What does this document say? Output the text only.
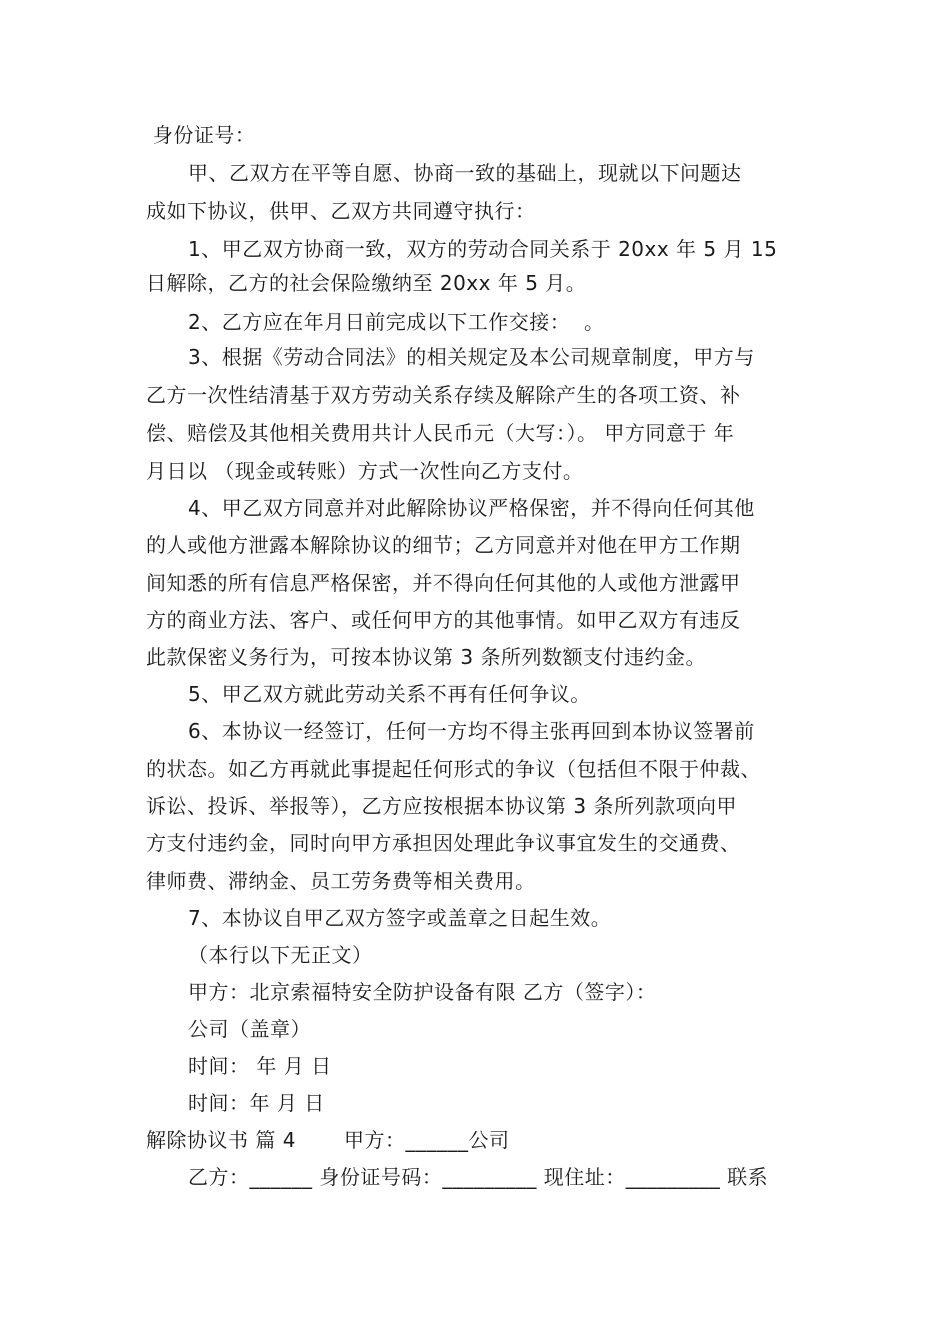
身份证号：
甲、乙双方在平等自愿、协商一致的基础上，现就以下问题达
成如下协议，供甲、乙双方共同遵守执行：
1、甲乙双方协商一致，双方的劳动合同关系于 20xx 年 5 月 15
日解除，乙方的社会保险缴纳至 20xx 年 5 月。
2、乙方应在年月日前完成以下工作交接：  。
3、根据《劳动合同法》的相关规定及本公司规章制度，甲方与
乙方一次性结清基于双方劳动关系存续及解除产生的各项工资、补
偿、赔偿及其他相关费用共计人民币元（大写：）。 甲方同意于 年
月日以 （现金或转账）方式一次性向乙方支付。
4、甲乙双方同意并对此解除协议严格保密，并不得向任何其他
的人或他方泄露本解除协议的细节；乙方同意并对他在甲方工作期
间知悉的所有信息严格保密，并不得向任何其他的人或他方泄露甲
方的商业方法、客户、或任何甲方的其他事情。如甲乙双方有违反
此款保密义务行为，可按本协议第 3 条所列数额支付违约金。
5、甲乙双方就此劳动关系不再有任何争议。
6、本协议一经签订，任何一方均不得主张再回到本协议签署前
的状态。如乙方再就此事提起任何形式的争议（包括但不限于仲裁、
诉讼、投诉、举报等），乙方应按根据本协议第 3 条所列款项向甲
方支付违约金，同时向甲方承担因处理此争议事宜发生的交通费、
律师费、滞纳金、员工劳务费等相关费用。
7、本协议自甲乙双方签字或盖章之日起生效。
（本行以下无正文）
甲方：北京索福特安全防护设备有限 乙方（签字）：
公司（盖章）
时间： 年 月 日
时间：年 月 日
解除协议书 篇 4       甲方：______公司
乙方：______ 身份证号码：_________ 现住址：_________ 联系
